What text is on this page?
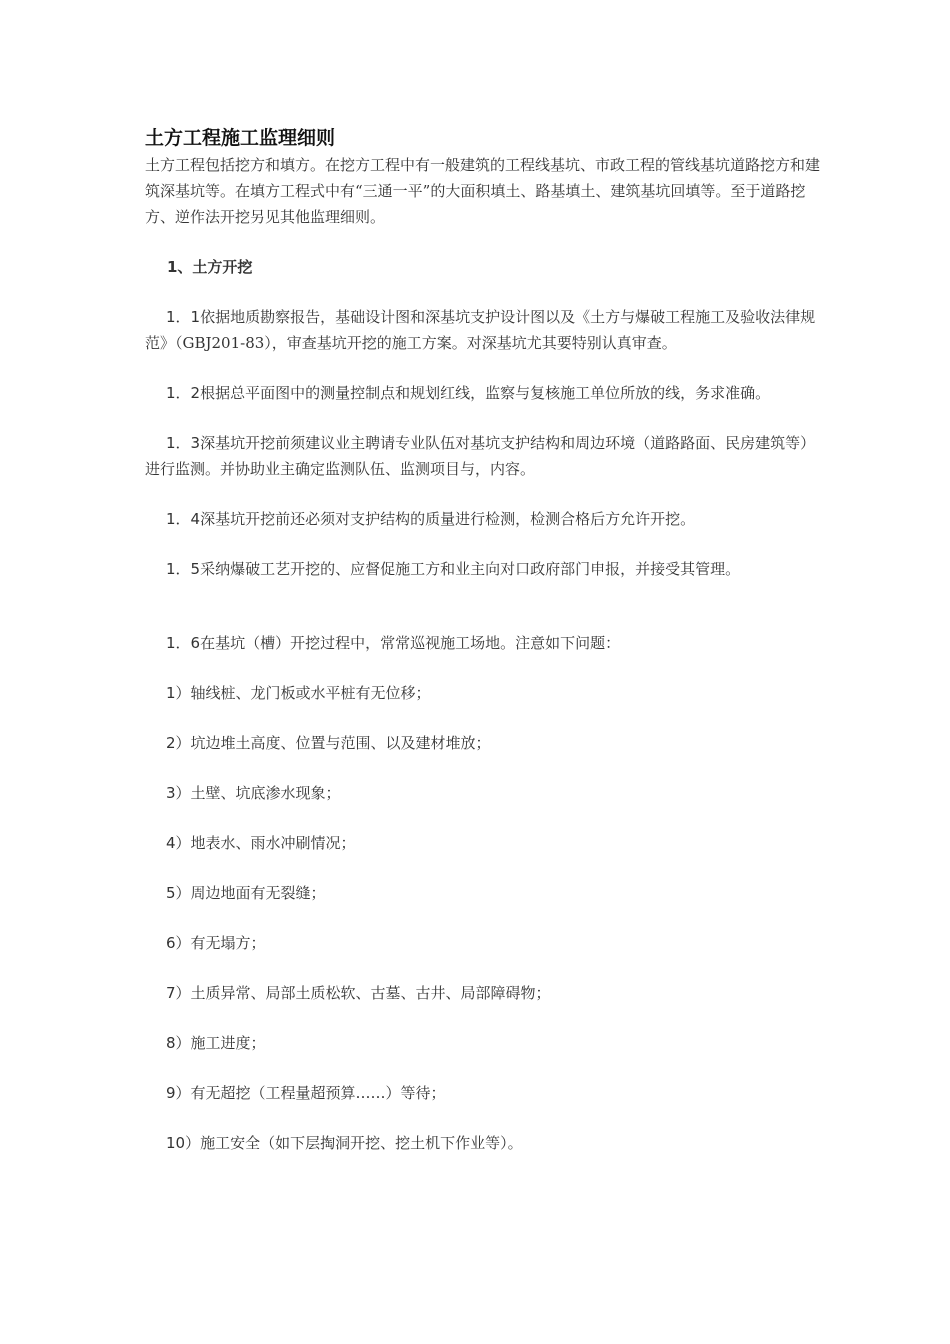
土方工程施工监理细则

土方工程包括挖方和填方。在挖方工程中有一般建筑的工程线基坑、市政工程的管线基坑道路挖方和建筑深基坑等。在填方工程式中有“三通一平”的大面积填土、路基填土、建筑基坑回填等。至于道路挖方、逆作法开挖另见其他监理细则。

1、土方开挖

1．1依据地质勘察报告，基础设计图和深基坑支护设计图以及《土方与爆破工程施工及验收法律规范》（GBJ201-83），审查基坑开挖的施工方案。对深基坑尤其要特别认真审查。

1．2根据总平面图中的测量控制点和规划红线，监察与复核施工单位所放的线，务求准确。

1．3深基坑开挖前须建议业主聘请专业队伍对基坑支护结构和周边环境（道路路面、民房建筑等）进行监测。并协助业主确定监测队伍、监测项目与，内容。

1．4深基坑开挖前还必须对支护结构的质量进行检测，检测合格后方允许开挖。

1．5采纳爆破工艺开挖的、应督促施工方和业主向对口政府部门申报，并接受其管理。

1．6在基坑（槽）开挖过程中，常常巡视施工场地。注意如下问题：

1）轴线桩、龙门板或水平桩有无位移；
2）坑边堆土高度、位置与范围、以及建材堆放；
3）土壁、坑底渗水现象；
4）地表水、雨水冲刷情况；
5）周边地面有无裂缝；
6）有无塌方；
7）土质异常、局部土质松软、古墓、古井、局部障碍物；
8）施工进度；
9）有无超挖（工程量超预算……）等待；
10）施工安全（如下层掏洞开挖、挖土机下作业等）。
